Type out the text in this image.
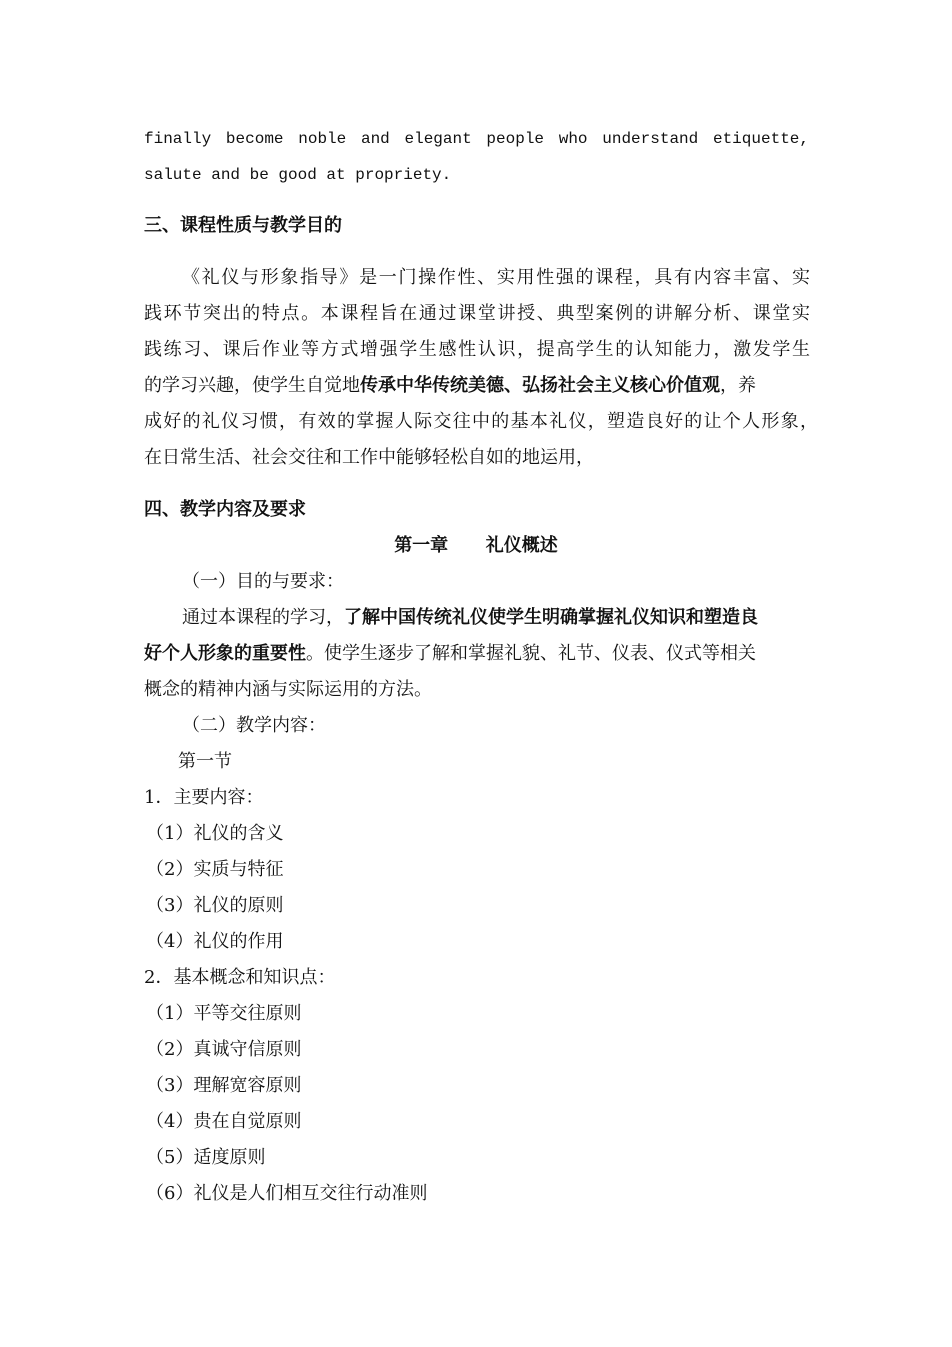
finally become noble and elegant people who understand etiquette,
salute and be good at propriety.
三、课程性质与教学目的
《礼仪与形象指导》是一门操作性、实用性强的课程，具有内容丰富、实
践环节突出的特点。本课程旨在通过课堂讲授、典型案例的讲解分析、课堂实
践练习、课后作业等方式增强学生感性认识，提高学生的认知能力，激发学生
的学习兴趣，使学生自觉地传承中华传统美德、弘扬社会主义核心价值观，养
成好的礼仪习惯，有效的掌握人际交往中的基本礼仪，塑造良好的让个人形象，
在日常生活、社会交往和工作中能够轻松自如的地运用，
四、教学内容及要求
第一章      礼仪概述
（一）目的与要求：
通过本课程的学习，了解中国传统礼仪使学生明确掌握礼仪知识和塑造良
好个人形象的重要性。使学生逐步了解和掌握礼貌、礼节、仪表、仪式等相关
概念的精神内涵与实际运用的方法。
（二）教学内容：
第一节
1．主要内容：
（1）礼仪的含义
（2）实质与特征
（3）礼仪的原则
（4）礼仪的作用
2．基本概念和知识点：
（1）平等交往原则
（2）真诚守信原则
（3）理解宽容原则
（4）贵在自觉原则
（5）适度原则
（6）礼仪是人们相互交往行动准则
